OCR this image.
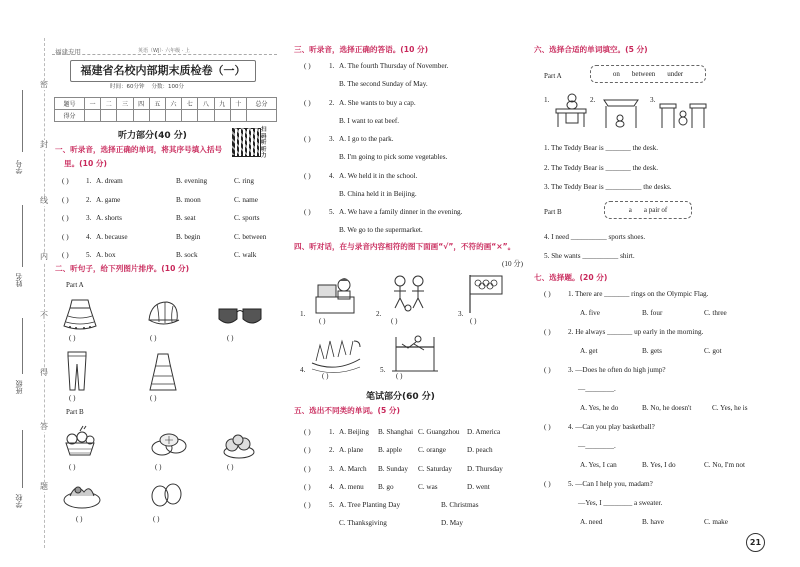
密
封
线
内
不
得
答
题
学号
姓名
班级
学校
福建专用	英语（WJ）· 六年级 · 上
福建省名校内部期末质检卷（一）
时间：60分钟 分数：100分
题号	一	二	三	四	五	六	七	八	九	十	总分
得分											
扫码听听力
听力部分(40 分)
一、听录音，选择正确的单词，将其序号填入括号
里。(10 分)
( ) 1. A. dream	B. evening	C. ring
( ) 2. A. game	B. moon	C. name
( ) 3. A. shorts	B. seat	C. sports
( ) 4. A. because	B. begin	C. between
( ) 5. A. box	B. sock	C. walk
二、听句子，给下列图片排序。(10 分)
Part A
Part B
( )	( )	( )
( )	( )
( )	( )	( )
( )	( )
三、听录音，选择正确的答语。(10 分)
( )	1. A. The fourth Thursday of November.
B. The second Sunday of May.
( )	2. A. She wants to buy a cap.
B. I want to eat beef.
( )	3. A. I go to the park.
B. I'm going to pick some vegetables.
( )	4. A. We held it in the school.
B. China held it in Beijing.
( )	5. A. We have a family dinner in the evening.
B. We go to the supermarket.
四、听对话，在与录音内容相符的图下面画“√”，不符的画“×”。
(10 分)
1.
( )
2.
( )
3.
( )
4.
( )
5.
( )
笔试部分(60 分)
五、选出不同类的单词。(5 分)
( )	1. A. Beijing B. Shanghai C. Guangzhou D. America
( )	2. A. plane B. apple C. orange	D. peach
( )	3. A. March B. Sunday C. Saturday D. Thursday
( )	4. A. menu B. go	C. was	D. went
( )	5. A. Tree Planting Day	B. Christmas
C. Thanksgiving	D. May
六、选择合适的单词填空。(5 分)
Part A	on between under
1.	2.	3.
1. The Teddy Bear is _______ the desk.
2. The Teddy Bear is _______ the desk.
3. The Teddy Bear is __________ the desks.
Part B	a a pair of
4. I need __________ sports shoes.
5. She wants __________ shirt.
七、选择题。(20 分)
( ) 1. There are _______ rings on the Olympic Flag.
A. five	B. four	C. three
( ) 2. He always _______ up early in the morning.
A. get	B. gets	C. got
( ) 3. —Does he often do high jump?
—________.
A. Yes, he do	B. No, he doesn't	C. Yes, he is
( ) 4. —Can you play basketball?
—________.
A. Yes, I can	B. Yes, I do	C. No, I'm not
( ) 5. —Can I help you, madam?
—Yes, I ________ a sweater.
A. need	B. have	C. make
21
